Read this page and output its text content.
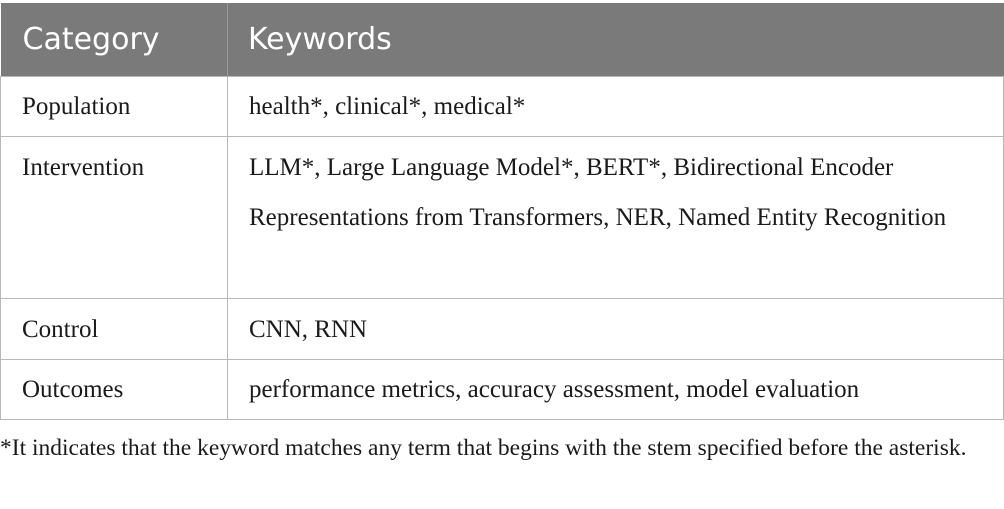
Category	Keywords
Population	health*, clinical*, medical*
Intervention	LLM*, Large Language Model*, BERT*, Bidirectional Encoder Representations from Transformers, NER, Named Entity Recognition
Control	CNN, RNN
Outcomes	performance metrics, accuracy assessment, model evaluation

*It indicates that the keyword matches any term that begins with the stem specified before the asterisk.
